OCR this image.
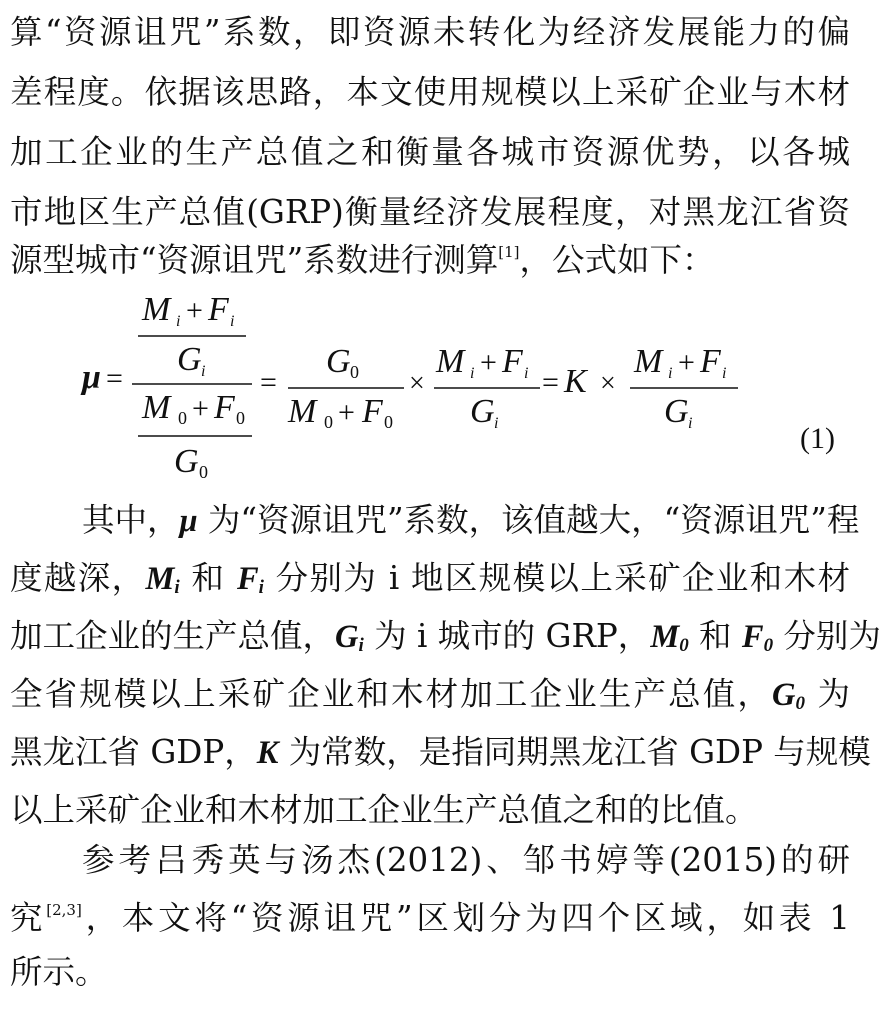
算“资源诅咒”系数，即资源未转化为经济发展能力的偏
差程度。依据该思路，本文使用规模以上采矿企业与木材
加工企业的生产总值之和衡量各城市资源优势，以各城
市地区生产总值(GRP)衡量经济发展程度，对黑龙江省资
源型城市“资源诅咒”系数进行测算[1]，公式如下：
μ =
M i + F i
G i
M 0 + F 0
G 0
=
G 0
M 0 + F 0
×
M i + F i
G i
= K ×
M i + F i
G i	(1)
其中，μ 为“资源诅咒”系数，该值越大，“资源诅咒”程
度越深，$M_i$ 和 $F_i$ 分别为 i 地区规模以上采矿企业和木材
加工企业的生产总值，$G_i$ 为 i 城市的 GRP，$M_0$ 和 $F_0$ 分别为
全省规模以上采矿企业和木材加工企业生产总值，$G_0$ 为
黑龙江省 GDP，K 为常数，是指同期黑龙江省 GDP 与规模
以上采矿企业和木材加工企业生产总值之和的比值。
参考吕秀英与汤杰(2012)、邹书婷等(2015)的研
究[2,3]，本文将“资源诅咒”区划分为四个区域，如表 1
所示。
